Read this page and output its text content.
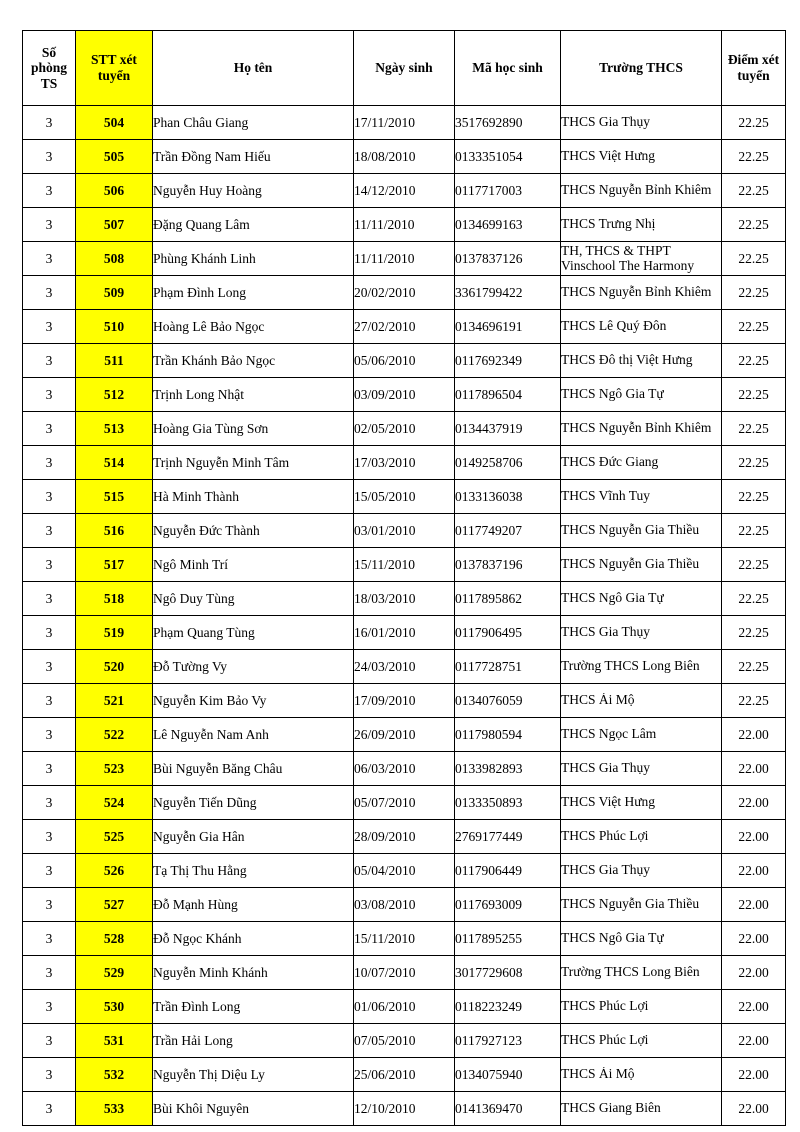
Số phòng TS	STT xét tuyển	Họ tên	Ngày sinh	Mã học sinh	Trường THCS	Điểm xét tuyển
3	504	Phan Châu Giang	17/11/2010	3517692890	THCS Gia Thụy	22.25
3	505	Trần Đồng Nam Hiếu	18/08/2010	0133351054	THCS Việt Hưng	22.25
3	506	Nguyễn Huy Hoàng	14/12/2010	0117717003	THCS Nguyễn Bỉnh Khiêm	22.25
3	507	Đặng Quang Lâm	11/11/2010	0134699163	THCS Trưng Nhị	22.25
3	508	Phùng Khánh Linh	11/11/2010	0137837126	TH, THCS & THPT Vinschool The Harmony	22.25
3	509	Phạm Đình Long	20/02/2010	3361799422	THCS Nguyễn Bỉnh Khiêm	22.25
3	510	Hoàng Lê Bảo Ngọc	27/02/2010	0134696191	THCS Lê Quý Đôn	22.25
3	511	Trần Khánh Bảo Ngọc	05/06/2010	0117692349	THCS Đô thị Việt Hưng	22.25
3	512	Trịnh Long Nhật	03/09/2010	0117896504	THCS Ngô Gia Tự	22.25
3	513	Hoàng Gia Tùng Sơn	02/05/2010	0134437919	THCS Nguyễn Bỉnh Khiêm	22.25
3	514	Trịnh Nguyễn Minh Tâm	17/03/2010	0149258706	THCS Đức Giang	22.25
3	515	Hà Minh Thành	15/05/2010	0133136038	THCS Vĩnh Tuy	22.25
3	516	Nguyễn Đức Thành	03/01/2010	0117749207	THCS Nguyễn Gia Thiều	22.25
3	517	Ngô Minh Trí	15/11/2010	0137837196	THCS Nguyễn Gia Thiều	22.25
3	518	Ngô Duy Tùng	18/03/2010	0117895862	THCS Ngô Gia Tự	22.25
3	519	Phạm Quang Tùng	16/01/2010	0117906495	THCS Gia Thụy	22.25
3	520	Đỗ Tường Vy	24/03/2010	0117728751	Trường THCS Long Biên	22.25
3	521	Nguyễn Kim Bảo Vy	17/09/2010	0134076059	THCS Ái Mộ	22.25
3	522	Lê Nguyễn Nam Anh	26/09/2010	0117980594	THCS Ngọc Lâm	22.00
3	523	Bùi Nguyễn Băng Châu	06/03/2010	0133982893	THCS Gia Thụy	22.00
3	524	Nguyễn Tiến Dũng	05/07/2010	0133350893	THCS Việt Hưng	22.00
3	525	Nguyễn Gia Hân	28/09/2010	2769177449	THCS Phúc Lợi	22.00
3	526	Tạ Thị Thu Hằng	05/04/2010	0117906449	THCS Gia Thụy	22.00
3	527	Đỗ Mạnh Hùng	03/08/2010	0117693009	THCS Nguyễn Gia Thiều	22.00
3	528	Đỗ Ngọc Khánh	15/11/2010	0117895255	THCS Ngô Gia Tự	22.00
3	529	Nguyễn Minh Khánh	10/07/2010	3017729608	Trường THCS Long Biên	22.00
3	530	Trần Đình Long	01/06/2010	0118223249	THCS Phúc Lợi	22.00
3	531	Trần Hải Long	07/05/2010	0117927123	THCS Phúc Lợi	22.00
3	532	Nguyễn Thị Diệu Ly	25/06/2010	0134075940	THCS Ái Mộ	22.00
3	533	Bùi Khôi Nguyên	12/10/2010	0141369470	THCS Giang Biên	22.00
